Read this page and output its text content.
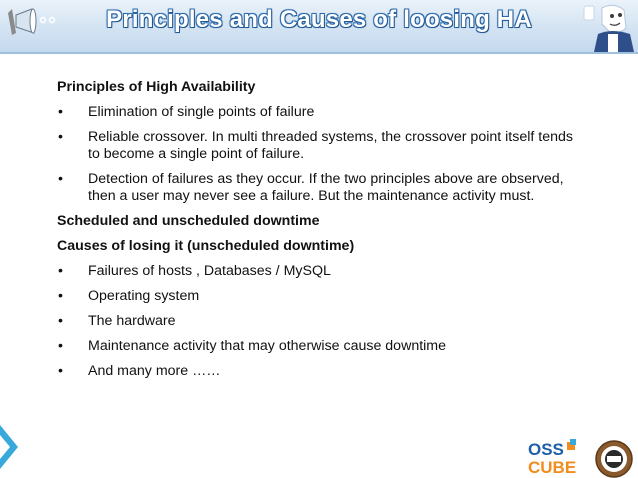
Principles and Causes of loosing HA
Principles of High Availability
• Elimination of single points of failure
• Reliable crossover. In multi threaded systems, the crossover point itself tends to become a single point of failure.
• Detection of failures as they occur. If the two principles above are observed, then a user may never see a failure. But the maintenance activity must.
Scheduled and unscheduled downtime
Causes of losing it (unscheduled downtime)
• Failures of hosts , Databases / MySQL
• Operating system
• The hardware
• Maintenance activity that may otherwise cause downtime
• And many more ……
OSS
CUBE
